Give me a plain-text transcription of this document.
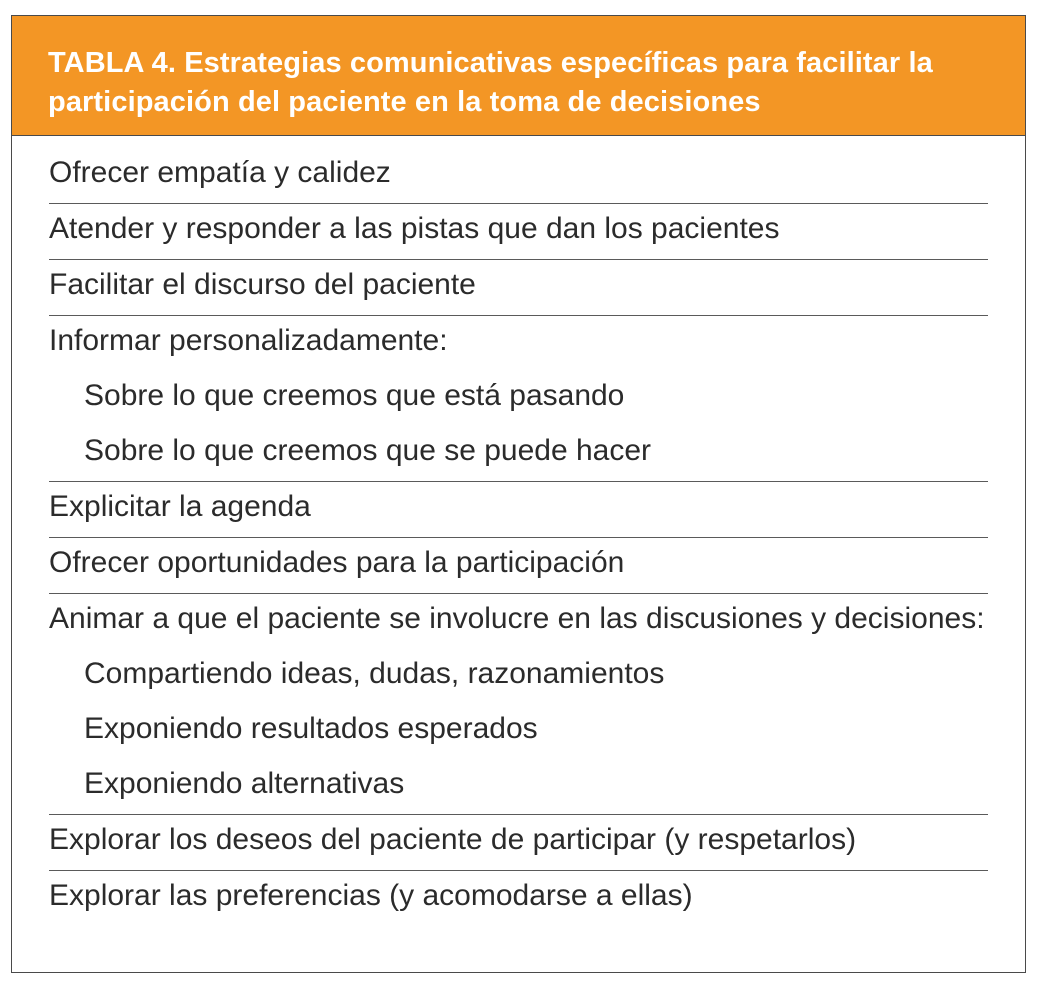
TABLA 4. Estrategias comunicativas específicas para facilitar la participación del paciente en la toma de decisiones
Ofrecer empatía y calidez
Atender y responder a las pistas que dan los pacientes
Facilitar el discurso del paciente
Informar personalizadamente:
Sobre lo que creemos que está pasando
Sobre lo que creemos que se puede hacer
Explicitar la agenda
Ofrecer oportunidades para la participación
Animar a que el paciente se involucre en las discusiones y decisiones:
Compartiendo ideas, dudas, razonamientos
Exponiendo resultados esperados
Exponiendo alternativas
Explorar los deseos del paciente de participar (y respetarlos)
Explorar las preferencias (y acomodarse a ellas)
